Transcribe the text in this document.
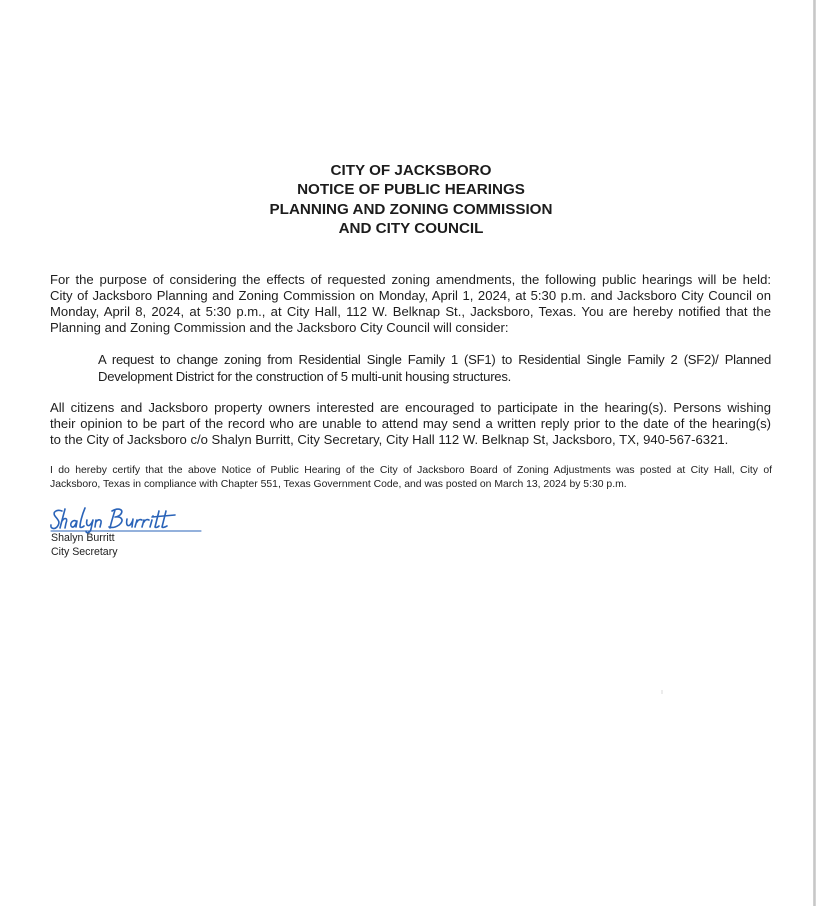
CITY OF JACKSBORO
NOTICE OF PUBLIC HEARINGS
PLANNING AND ZONING COMMISSION
AND CITY COUNCIL
For the purpose of considering the effects of requested zoning amendments, the following public hearings will be held:
City of Jacksboro Planning and Zoning Commission on Monday, April 1, 2024, at 5:30 p.m. and Jacksboro City Council on
Monday, April 8, 2024, at 5:30 p.m., at City Hall, 112 W. Belknap St., Jacksboro, Texas. You are hereby notified that the
Planning and Zoning Commission and the Jacksboro City Council will consider:
A request to change zoning from Residential Single Family 1 (SF1) to Residential Single Family 2 (SF2)/ Planned
Development District for the construction of 5 multi-unit housing structures.
All citizens and Jacksboro property owners interested are encouraged to participate in the hearing(s). Persons wishing
their opinion to be part of the record who are unable to attend may send a written reply prior to the date of the hearing(s)
to the City of Jacksboro c/o Shalyn Burritt, City Secretary, City Hall 112 W. Belknap St, Jacksboro, TX, 940-567-6321.
I do hereby certify that the above Notice of Public Hearing of the City of Jacksboro Board of Zoning Adjustments was posted at City Hall, City of
Jacksboro, Texas in compliance with Chapter 551, Texas Government Code, and was posted on March 13, 2024 by 5:30 p.m.
Shalyn Burritt
City Secretary
